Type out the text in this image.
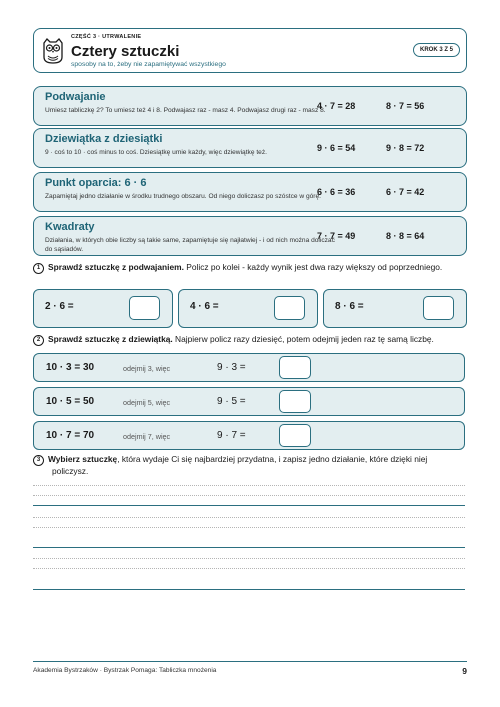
CZĘŚĆ 3 · UTRWALENIE
Cztery sztuczki
sposoby na to, żeby nie zapamiętywać wszystkiego
KROK 3 Z 5
Podwajanie
Umiesz tabliczkę 2? To umiesz też 4 i 8. Podwajasz raz - masz 4. Podwajasz drugi raz - masz 8.
4 · 7 = 28	8 · 7 = 56
Dziewiątka z dziesiątki
9 · coś to 10 · coś minus to coś. Dziesiątkę umie każdy, więc dziewiątkę też.	9 · 6 = 54	9 · 8 = 72
Punkt oparcia: 6 · 6
Zapamiętaj jedno działanie w środku trudnego obszaru. Od niego doliczasz po szóstce w górę.
6 · 6 = 36	6 · 7 = 42
Kwadraty
Działania, w których obie liczby są takie same, zapamiętuje się najłatwiej - i od nich można doliczać do sąsiadów.
7 · 7 = 49	8 · 8 = 64
1 Sprawdź sztuczkę z podwajaniem. Policz po kolei - każdy wynik jest dwa razy większy od poprzedniego.
2 · 6 =	4 · 6 =	8 · 6 =
2 Sprawdź sztuczkę z dziewiątką. Najpierw policz razy dziesięć, potem odejmij jeden raz tę samą liczbę.
10 · 3 = 30	odejmij 3, więc	9 · 3 =
10 · 5 = 50	odejmij 5, więc	9 · 5 =
10 · 7 = 70	odejmij 7, więc	9 · 7 =
3 Wybierz sztuczkę, która wydaje Ci się najbardziej przydatna, i zapisz jedno działanie, które dzięki niej
policzysz.
Akademia Bystrzaków · Bystrzak Pomaga: Tabliczka mnożenia	9
